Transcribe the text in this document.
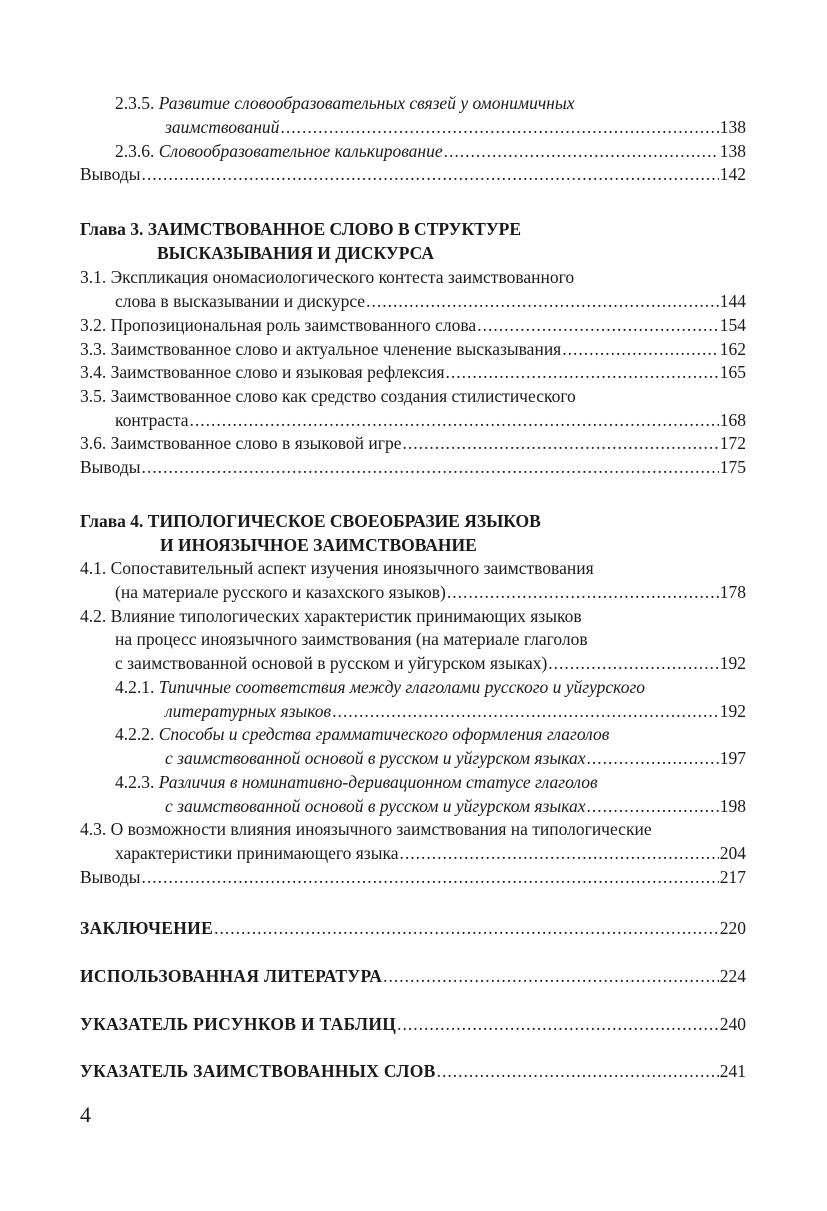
2.3.5. Развитие словообразовательных связей у омонимичных
заимствований .....	138
2.3.6.
Словообразовательное калькирование .....	138
Выводы .....	142
Глава 3. ЗАИМСТВОВАННОЕ СЛОВО В СТРУКТУРЕ
ВЫСКАЗЫВАНИЯ И ДИСКУРСА
3.1. Экспликация ономасиологического контеста заимствованного
слова в высказывании и дискурсе .....	144
3.2. Пропозициональная роль заимствованного слова .....	154
3.3. Заимствованное слово и актуальное членение высказывания .....	162
3.4. Заимствованное слово и языковая рефлексия .....	165
3.5. Заимствованное слово как средство создания стилистического
контраста .....	168
3.6. Заимствованное слово в языковой игре .....	172
Выводы .....	175
Глава 4. ТИПОЛОГИЧЕСКОЕ СВОЕОБРАЗИЕ ЯЗЫКОВ
И ИНОЯЗЫЧНОЕ ЗАИМСТВОВАНИЕ
4.1. Сопоставительный аспект изучения иноязычного заимствования
(на материале русского и казахского языков) .....	178
4.2. Влияние типологических характеристик принимающих языков
на процесс иноязычного заимствования (на материале глаголов
с заимствованной основой в русском и уйгурском языках) .....	192
4.2.1. Типичные соответствия между глаголами русского и уйгурского
литературных языков .....	192
4.2.2. Способы и средства грамматического оформления глаголов
с заимствованной основой в русском и уйгурском языках .....	197
4.2.3. Различия в номинативно-деривационном статусе глаголов
с заимствованной основой в русском и уйгурском языках .....	198
4.3. О возможности влияния иноязычного заимствования на типологические
характеристики принимающего языка .....	204
Выводы .....	217
ЗАКЛЮЧЕНИЕ .....	220
ИСПОЛЬЗОВАННАЯ ЛИТЕРАТУРА .....	224
УКАЗАТЕЛЬ РИСУНКОВ И ТАБЛИЦ .....	240
УКАЗАТЕЛЬ ЗАИМСТВОВАННЫХ СЛОВ .....	241
4
